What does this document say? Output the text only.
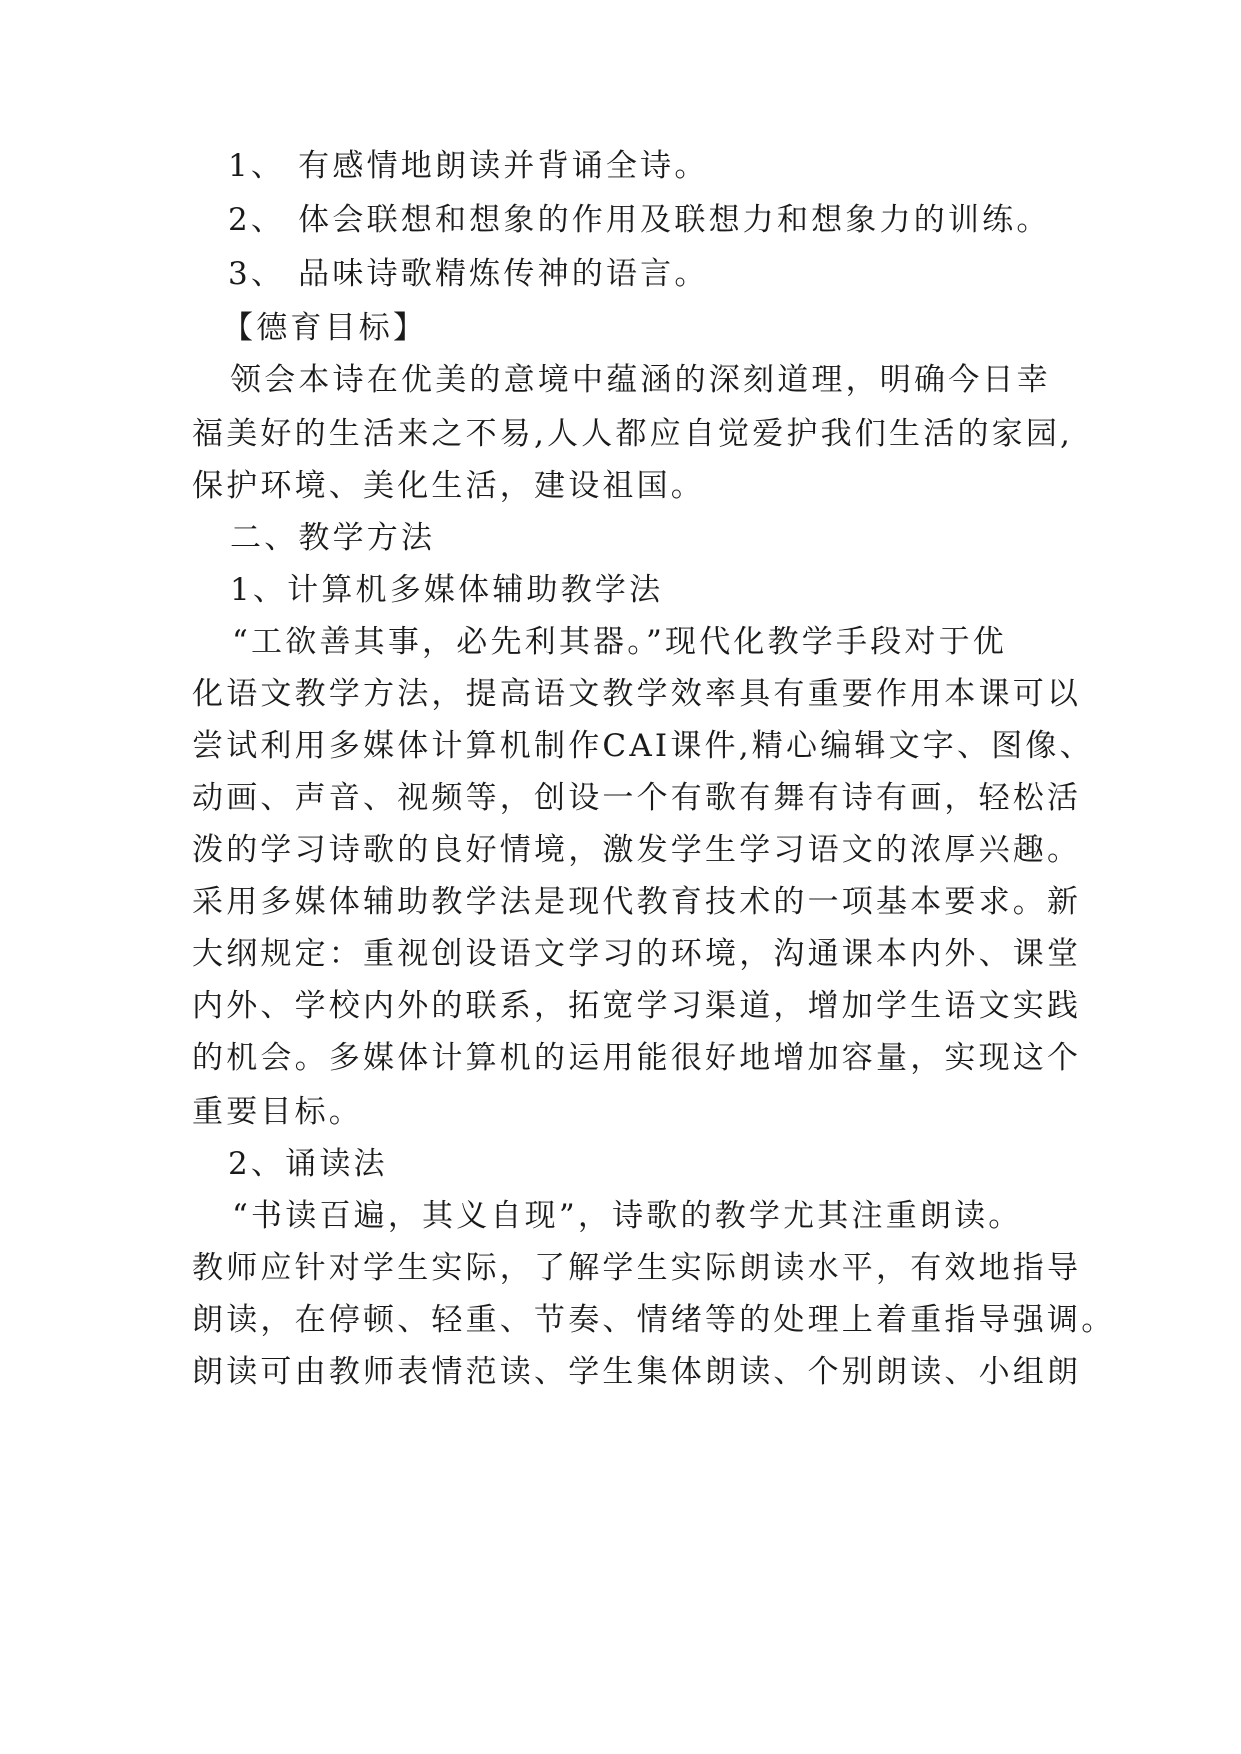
1、 有感情地朗读并背诵全诗。
2、 体会联想和想象的作用及联想力和想象力的训练。
3、 品味诗歌精炼传神的语言。
【德育目标】
领会本诗在优美的意境中蕴涵的深刻道理，明确今日幸
福美好的生活来之不易,人人都应自觉爱护我们生活的家园,
保护环境、美化生活，建设祖国。
二、教学方法
1、计算机多媒体辅助教学法
“工欲善其事，必先利其器。”现代化教学手段对于优
化语文教学方法，提高语文教学效率具有重要作用本课可以
尝试利用多媒体计算机制作CAI课件,精心编辑文字、图像、
动画、声音、视频等，创设一个有歌有舞有诗有画，轻松活
泼的学习诗歌的良好情境，激发学生学习语文的浓厚兴趣。
采用多媒体辅助教学法是现代教育技术的一项基本要求。新
大纲规定：重视创设语文学习的环境，沟通课本内外、课堂
内外、学校内外的联系，拓宽学习渠道，增加学生语文实践
的机会。多媒体计算机的运用能很好地增加容量，实现这个
重要目标。
2、诵读法
“书读百遍，其义自现”，诗歌的教学尤其注重朗读。
教师应针对学生实际，了解学生实际朗读水平，有效地指导
朗读，在停顿、轻重、节奏、情绪等的处理上着重指导强调。
朗读可由教师表情范读、学生集体朗读、个别朗读、小组朗
